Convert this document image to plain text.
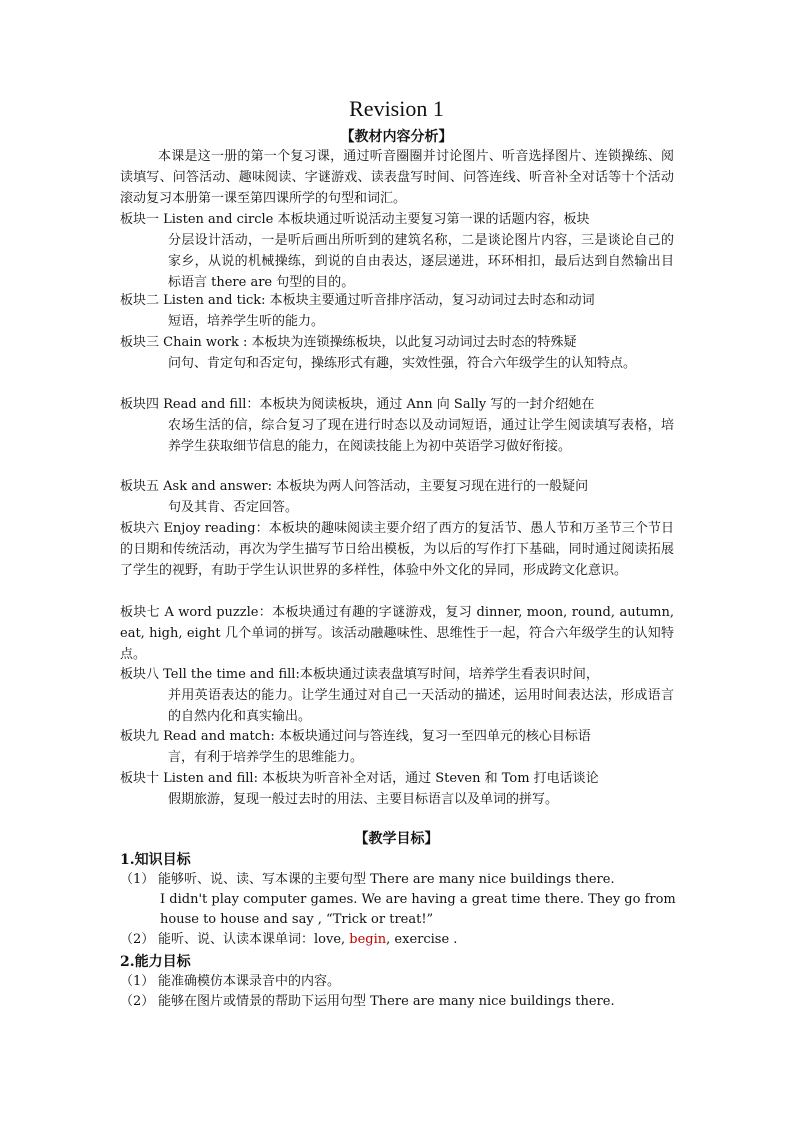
Revision 1
【教材内容分析】
本课是这一册的第一个复习课，通过听音圈圈并讨论图片、听音选择图片、连锁操练、阅读填写、问答活动、趣味阅读、字谜游戏、读表盘写时间、问答连线、听音补全对话等十个活动滚动复习本册第一课至第四课所学的句型和词汇。
板块一 Listen and circle 本板块通过听说活动主要复习第一课的话题内容，板块
分层设计活动，一是听后画出所听到的建筑名称，二是谈论图片内容，三是谈论自己的家乡，从说的机械操练，到说的自由表达，逐层递进，环环相扣，最后达到自然输出目标语言 there are 句型的目的。
板块二 Listen and tick: 本板块主要通过听音排序活动，复习动词过去时态和动词
短语，培养学生听的能力。
板块三 Chain work : 本板块为连锁操练板块，以此复习动词过去时态的特殊疑
问句、肯定句和否定句，操练形式有趣，实效性强，符合六年级学生的认知特点。
板块四 Read and fill：本板块为阅读板块，通过 Ann 向 Sally 写的一封介绍她在
农场生活的信，综合复习了现在进行时态以及动词短语，通过让学生阅读填写表格，培养学生获取细节信息的能力，在阅读技能上为初中英语学习做好衔接。
板块五 Ask and answer: 本板块为两人问答活动，主要复习现在进行的一般疑问
句及其肯、否定回答。
板块六 Enjoy reading：本板块的趣味阅读主要介绍了西方的复活节、愚人节和万圣节三个节日的日期和传统活动，再次为学生描写节日给出模板，为以后的写作打下基础，同时通过阅读拓展了学生的视野，有助于学生认识世界的多样性，体验中外文化的异同，形成跨文化意识。
板块七 A word puzzle：本板块通过有趣的字谜游戏，复习 dinner, moon, round, autumn, eat, high, eight 几个单词的拼写。该活动融趣味性、思维性于一起，符合六年级学生的认知特点。
板块八 Tell the time and fill:本板块通过读表盘填写时间，培养学生看表识时间，
并用英语表达的能力。让学生通过对自己一天活动的描述，运用时间表达法，形成语言的自然内化和真实输出。
板块九 Read and match: 本板块通过问与答连线，复习一至四单元的核心目标语
言，有利于培养学生的思维能力。
板块十 Listen and fill: 本板块为听音补全对话，通过 Steven 和 Tom 打电话谈论
假期旅游，复现一般过去时的用法、主要目标语言以及单词的拼写。
【教学目标】
1.知识目标
（1） 能够听、说、读、写本课的主要句型 There are many nice buildings there.
I didn't play computer games. We are having a great time there. They go from house to house and say , “Trick or treat!”
（2） 能听、说、认读本课单词：love, begin, exercise .
2.能力目标
（1） 能准确模仿本课录音中的内容。
（2） 能够在图片或情景的帮助下运用句型 There are many nice buildings there.
